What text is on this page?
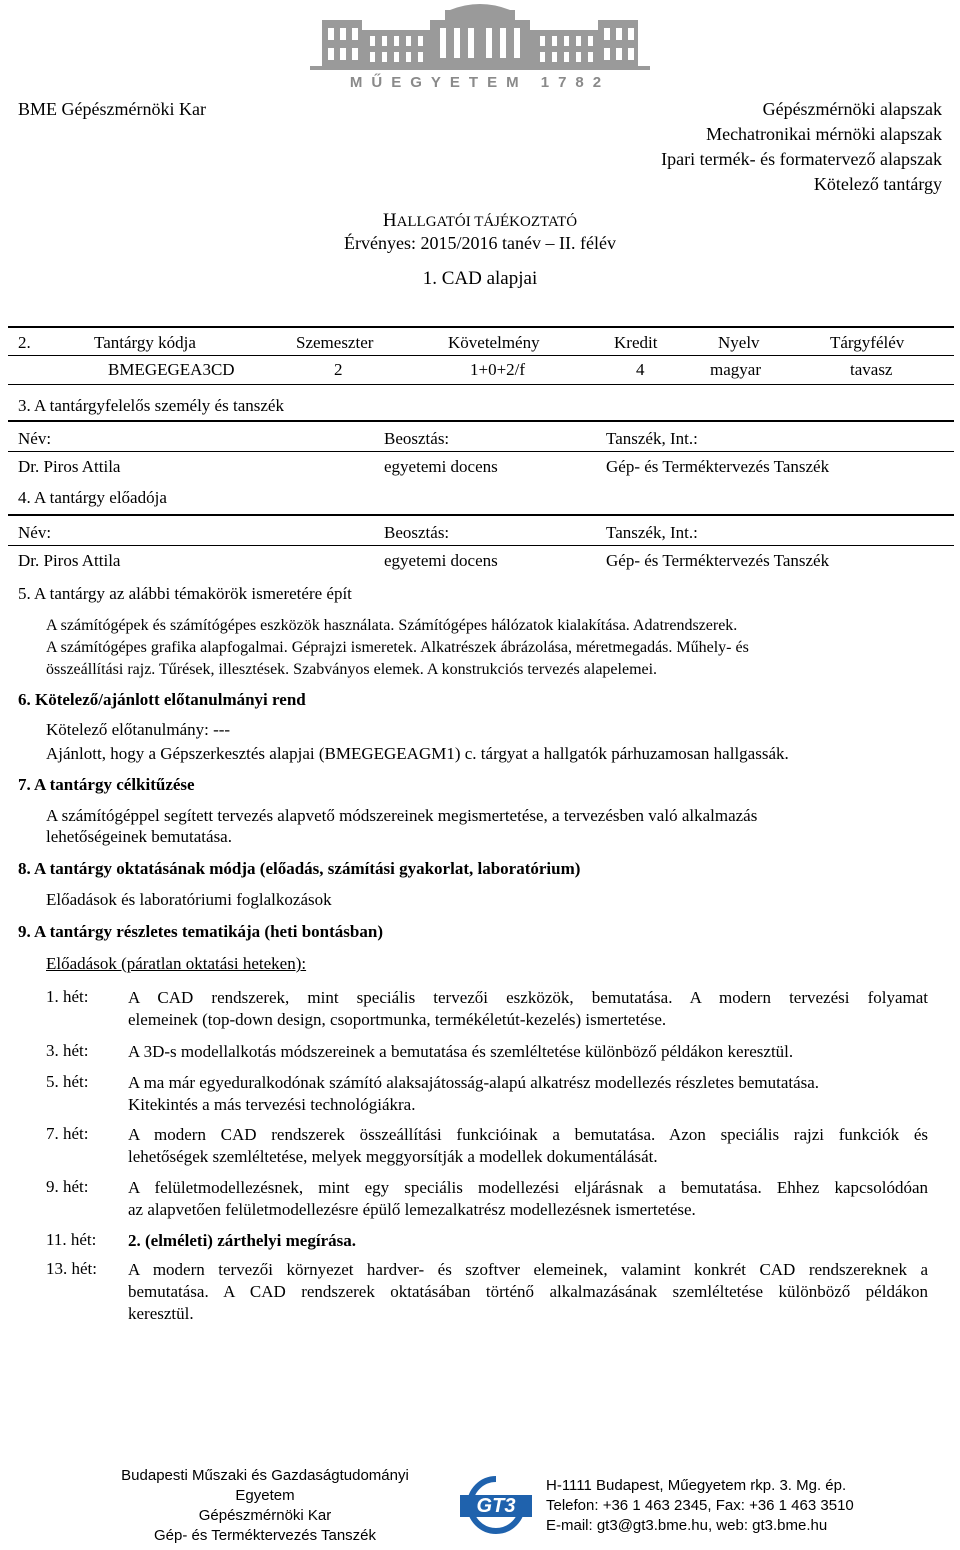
MŰEGYETEM 1782
BME Gépészmérnöki Kar	Gépészmérnöki alapszak
Mechatronikai mérnöki alapszak
Ipari termék- és formatervező alapszak
Kötelező tantárgy
HALLGATÓI TÁJÉKOZTATÓ
Érvényes: 2015/2016 tanév – II. félév
1. CAD alapjai
2.	Tantárgy kódja	Szemeszter	Követelmény	Kredit	Nyelv	Tárgyfélév
BMEGEGEA3CD	2	1+0+2/f	4	magyar	tavasz
3. A tantárgyfelelős személy és tanszék
Név:	Beosztás:	Tanszék, Int.:
Dr. Piros Attila	egyetemi docens	Gép- és Terméktervezés Tanszék
4. A tantárgy előadója
Név:	Beosztás:	Tanszék, Int.:
Dr. Piros Attila	egyetemi docens	Gép- és Terméktervezés Tanszék
5. A tantárgy az alábbi témakörök ismeretére épít
A számítógépek és számítógépes eszközök használata. Számítógépes hálózatok kialakítása. Adatrendszerek.
A számítógépes grafika alapfogalmai. Géprajzi ismeretek. Alkatrészek ábrázolása, méretmegadás. Műhely- és
összeállítási rajz. Tűrések, illesztések. Szabványos elemek. A konstrukciós tervezés alapelemei.
6. Kötelező/ajánlott előtanulmányi rend
Kötelező előtanulmány: ---
Ajánlott, hogy a Gépszerkesztés alapjai (BMEGEGEAGM1) c. tárgyat a hallgatók párhuzamosan hallgassák.
7. A tantárgy célkitűzése
A számítógéppel segített tervezés alapvető módszereinek megismertetése, a tervezésben való alkalmazás
lehetőségeinek bemutatása.
8. A tantárgy oktatásának módja (előadás, számítási gyakorlat, laboratórium)
Előadások és laboratóriumi foglalkozások
9. A tantárgy részletes tematikája (heti bontásban)
Előadások (páratlan oktatási heteken):
1. hét:	A CAD rendszerek, mint speciális tervezői eszközök, bemutatása. A modern tervezési folyamat
elemeinek (top-down design, csoportmunka, termékéletút-kezelés) ismertetése.
3. hét:	A 3D-s modellalkotás módszereinek a bemutatása és szemléltetése különböző példákon keresztül.
5. hét:	A ma már egyeduralkodónak számító alaksajátosság-alapú alkatrész modellezés részletes bemutatása.
Kitekintés a más tervezési technológiákra.
7. hét:	A modern CAD rendszerek összeállítási funkcióinak a bemutatása. Azon speciális rajzi funkciók és
lehetőségek szemléltetése, melyek meggyorsítják a modellek dokumentálását.
9. hét:	A felületmodellezésnek, mint egy speciális modellezési eljárásnak a bemutatása. Ehhez kapcsolódóan
az alapvetően felületmodellezésre épülő lemezalkatrész modellezésnek ismertetése.
11. hét:	2. (elméleti) zárthelyi megírása.
13. hét:	A modern tervezői környezet hardver- és szoftver elemeinek, valamint konkrét CAD rendszereknek a
bemutatása. A CAD rendszerek oktatásában történő alkalmazásának szemléltetése különböző példákon
keresztül.
Budapesti Műszaki és Gazdaságtudományi
Egyetem
Gépészmérnöki Kar
Gép- és Terméktervezés Tanszék
GT3
H-1111 Budapest, Műegyetem rkp. 3. Mg. ép.
Telefon: +36 1 463 2345, Fax: +36 1 463 3510
E-mail: gt3@gt3.bme.hu, web: gt3.bme.hu
